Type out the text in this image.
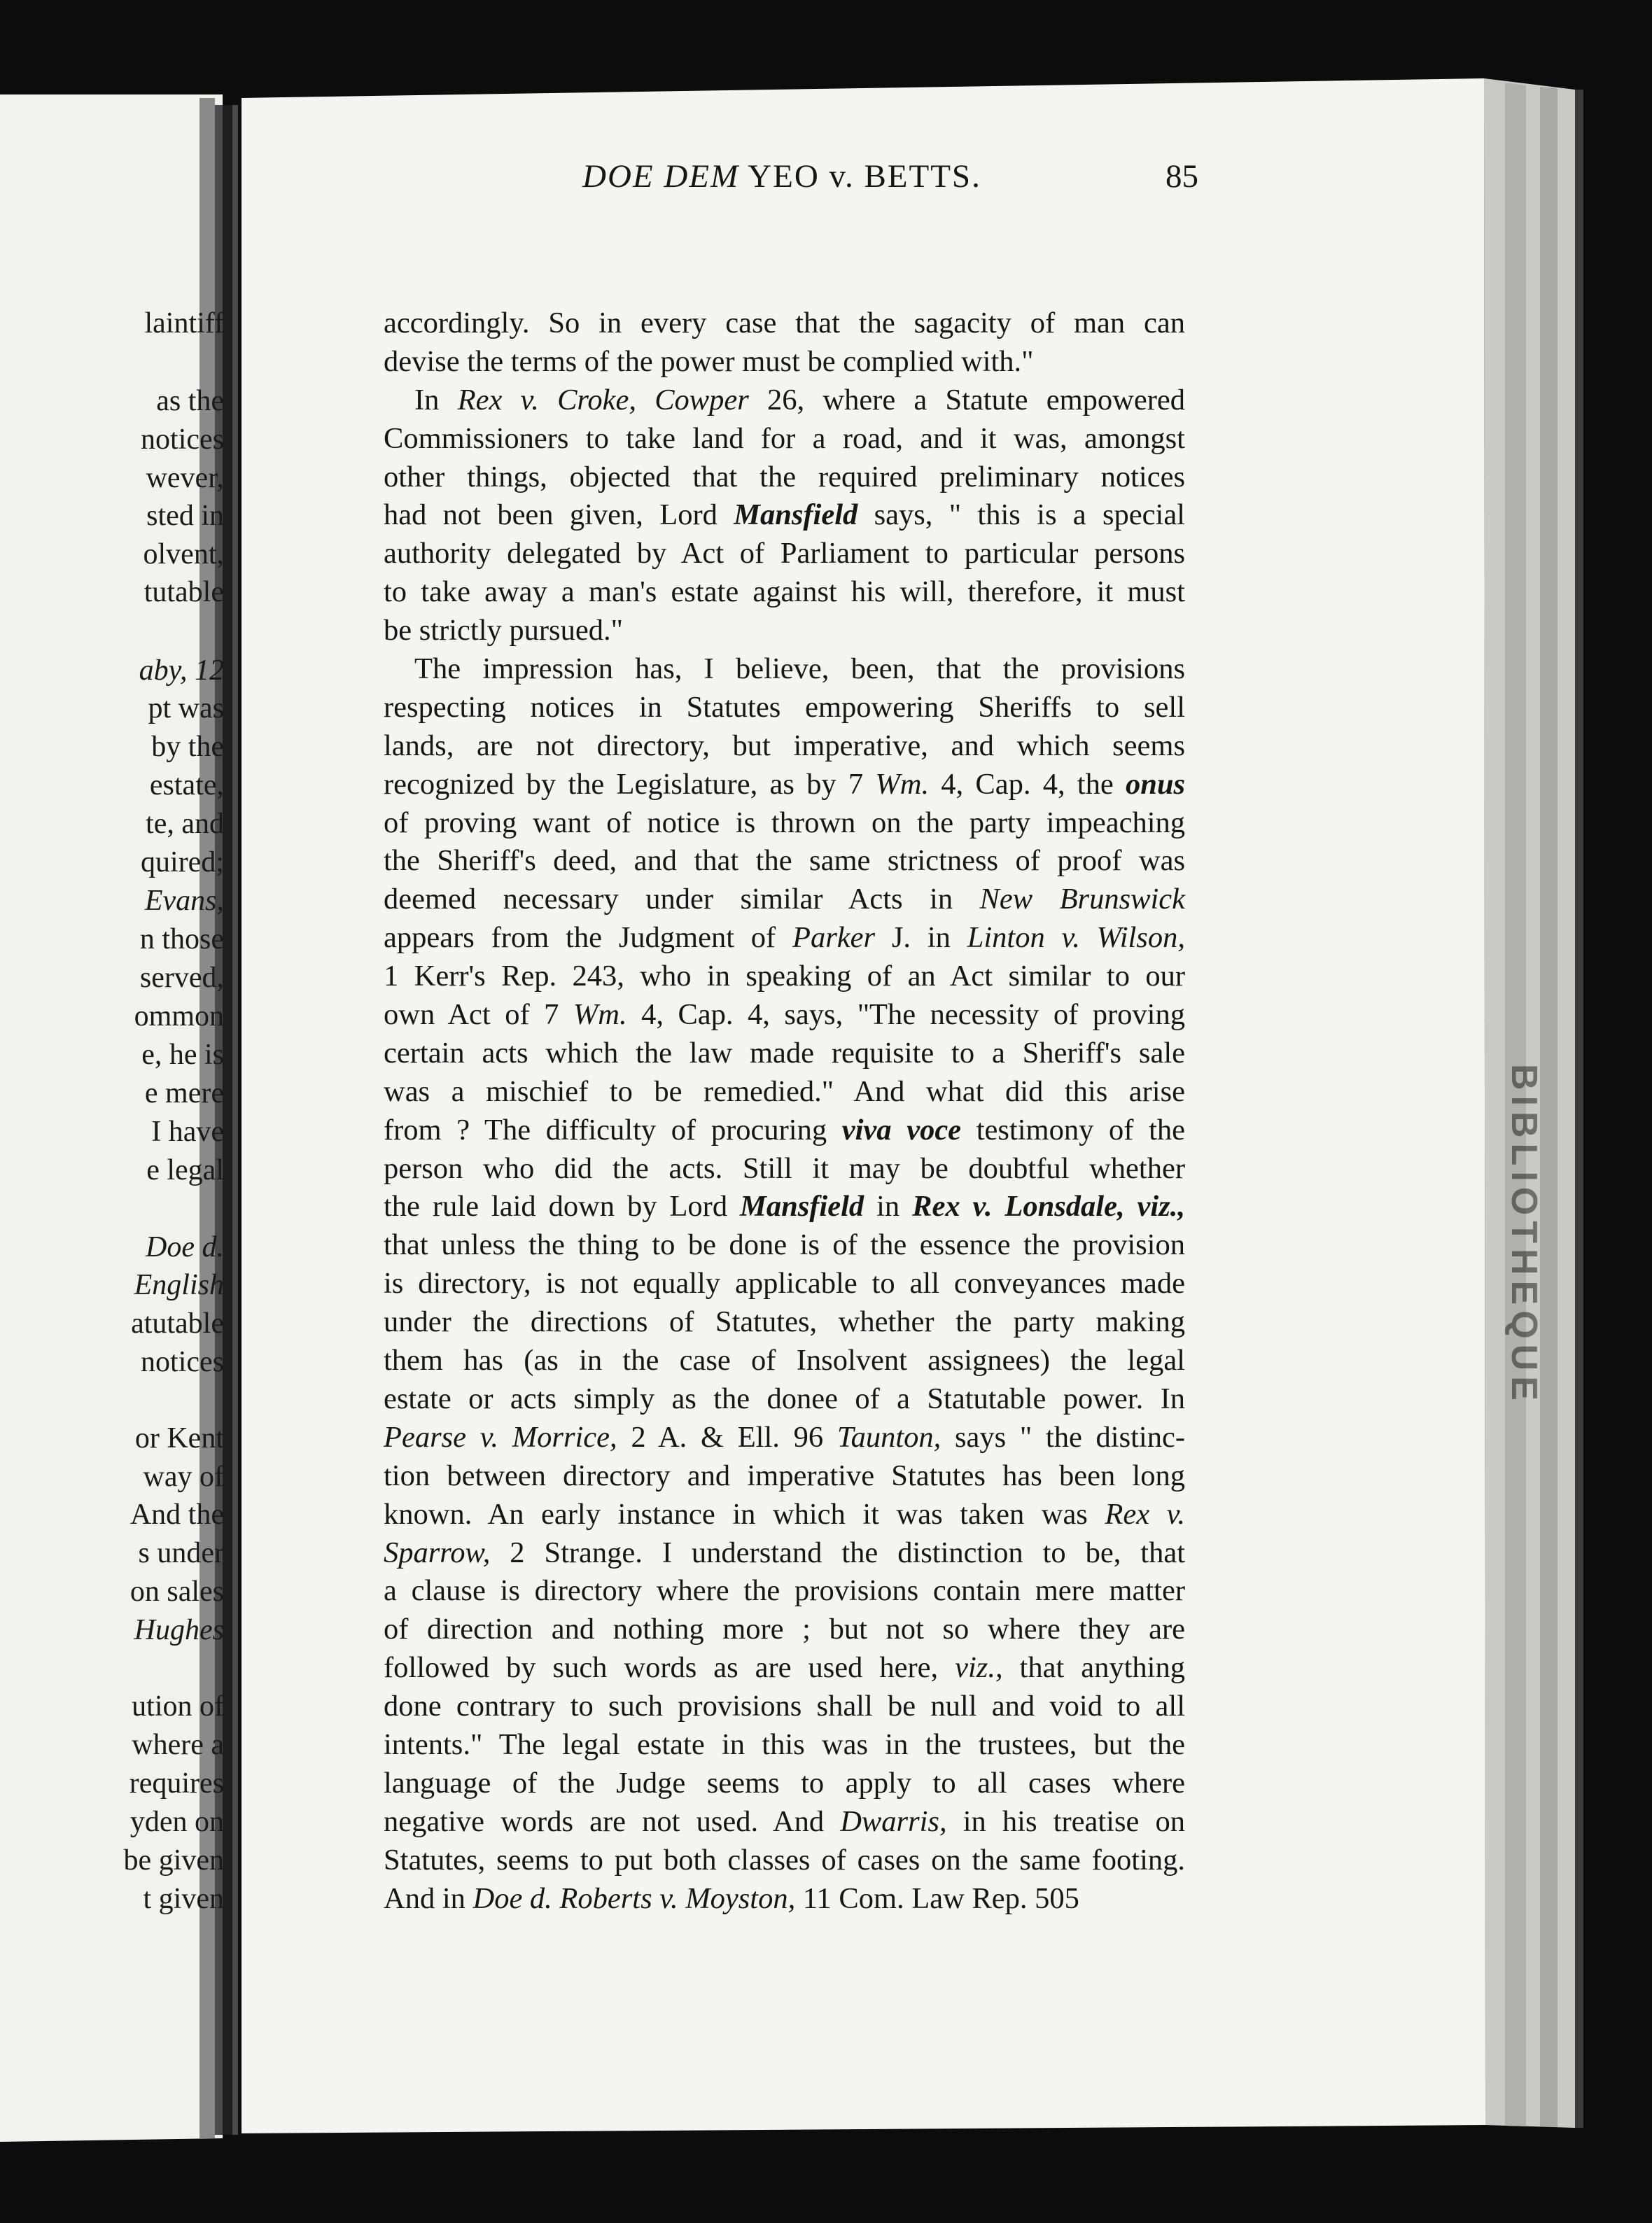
laintiff
as the
notices
wever,
sted in
olvent,
tutable
aby, 12
pt was
by the
estate,
te, and
quired;
Evans,
n those
served,
ommon
e, he is
e mere
I have
e legal
Doe d.
English
atutable
notices
or Kent
way of
And the
s under
on sales
Hughes
ution of
where a
requires
yden on
be given
t given
DOE DEM YEO v. BETTS.	85
accordingly. So in every case that the sagacity of man can
devise the terms of the power must be complied with."
In Rex v. Croke, Cowper 26, where a Statute empowered
Commissioners to take land for a road, and it was, amongst
other things, objected that the required preliminary notices
had not been given, Lord Mansfield says, " this is a special
authority delegated by Act of Parliament to particular persons
to take away a man's estate against his will, therefore, it must
be strictly pursued."
The impression has, I believe, been, that the provisions
respecting notices in Statutes empowering Sheriffs to sell
lands, are not directory, but imperative, and which seems
recognized by the Legislature, as by 7 Wm. 4, Cap. 4, the onus
of proving want of notice is thrown on the party impeaching
the Sheriff's deed, and that the same strictness of proof was
deemed necessary under similar Acts in New Brunswick
appears from the Judgment of Parker J. in Linton v. Wilson,
1 Kerr's Rep. 243, who in speaking of an Act similar to our
own Act of 7 Wm. 4, Cap. 4, says, "The necessity of proving
certain acts which the law made requisite to a Sheriff's sale
was a mischief to be remedied." And what did this arise
from ? The difficulty of procuring viva voce testimony of the
person who did the acts. Still it may be doubtful whether
the rule laid down by Lord Mansfield in Rex v. Lonsdale, viz.,
that unless the thing to be done is of the essence the provision
is directory, is not equally applicable to all conveyances made
under the directions of Statutes, whether the party making
them has (as in the case of Insolvent assignees) the legal
estate or acts simply as the donee of a Statutable power. In
Pearse v. Morrice, 2 A. & Ell. 96 Taunton, says " the distinc-
tion between directory and imperative Statutes has been long
known. An early instance in which it was taken was Rex v.
Sparrow, 2 Strange. I understand the distinction to be, that
a clause is directory where the provisions contain mere matter
of direction and nothing more ; but not so where they are
followed by such words as are used here, viz., that anything
done contrary to such provisions shall be null and void to all
intents." The legal estate in this was in the trustees, but the
language of the Judge seems to apply to all cases where
negative words are not used. And Dwarris, in his treatise on
Statutes, seems to put both classes of cases on the same footing.
And in Doe d. Roberts v. Moyston, 11 Com. Law Rep. 505
BIBLIOTHEQUE
